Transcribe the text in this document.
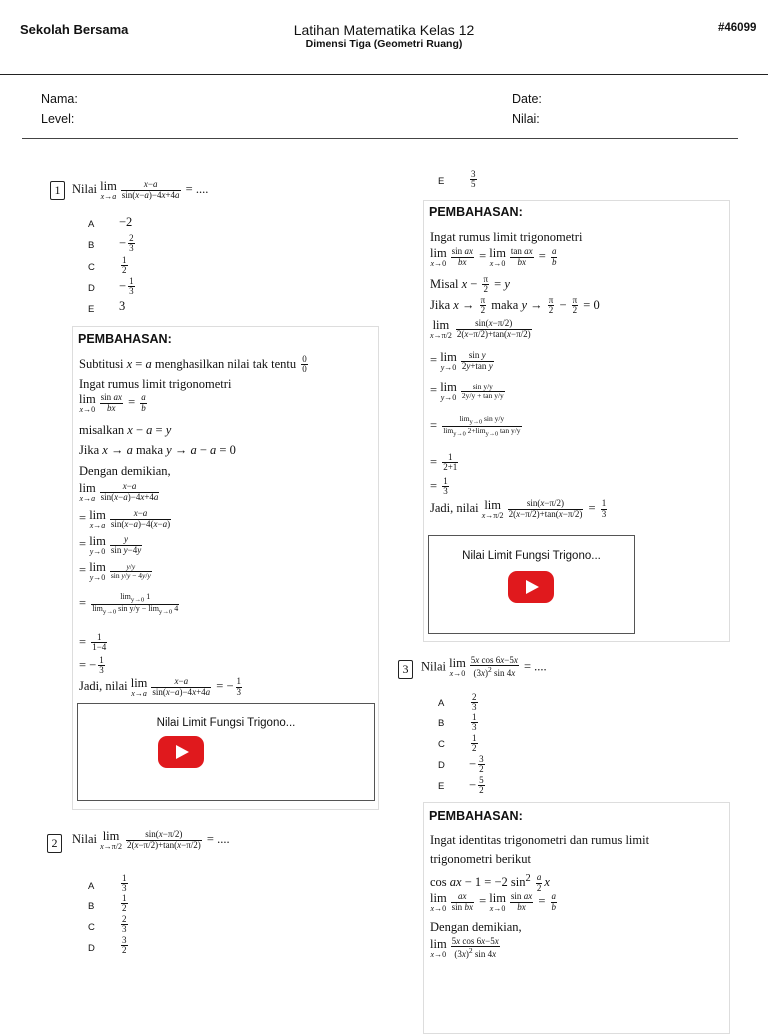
Sekolah Bersama	Latihan Matematika Kelas 12
Dimensi Tiga (Geometri Ruang)
#46099
Nama:
Level:
Date:
Nilai:
1 Nilai lim
$x\to a \frac{x-a}{\sin(x-a)-4x+4a}$ = ....
A −2
$B - \frac{2}{3}$
C	$\frac{1}{2}$
$D - \frac{1}{3}$
E 3
PEMBAHASAN:
Subtitusi x = a menghasilkan nilai tak tentu $\frac{0}{0}$
Ingat rumus limit trigonometri
lim
$x\to 0 \frac{\text{sin ax}}{bx} = \frac{a}{b}$
misalkan x − a = y
Jika x → a maka y → a − a = 0
Dengan demikian,
lim
$x\to a \frac{x-a}{\sin(x-a)-4x+4a}$
= lim
$x\to a \frac{x-a}{\sin(x-a)-4(x-a)}$
= lim
$y\to 0 \frac{y}{\text{sin y−4y}}$
= lim
$y\to 0 \frac{y/y}{\text{sin y/y − 4y/y}}$
= $\frac{\lim_{y\to 0} 1}{\lim_{y\to 0} \sin y/y - \lim_{y\to 0} 4}$
= $\frac{1}{1-4}$
= − $\frac{1}{3}$
Jadi, nilai lim
$x\to a \frac{x-a}{\sin(x-a)-4x+4a}$ = − $\frac{1}{3}$
Nilai Limit Fungsi Trigono...
2	Nilai lim
$x\to\pi/2 \frac{\sin(x-\pi/2)}{2(x-\pi/2)+\tan(x-\pi/2)}$ = ....
A	$\frac{1}{3}$
B	$\frac{1}{2}$
C	$\frac{2}{3}$
D	$\frac{3}{2}$
E	$\frac{3}{5}$
PEMBAHASAN:
Ingat rumus limit trigonometri
lim
$x\to 0 \frac{\text{sin ax}}{bx} = \lim$
$x\to 0 \frac{\text{tan ax}}{bx} = \frac{a}{b}$
Misal $x - \frac{\pi}{2} = y$
Jika $x \to \frac{\pi}{2}$ maka $y \to \frac{\pi}{2} - \frac{\pi}{2} = 0$
lim
$x\to\pi/2 \frac{\sin(x-\pi/2)}{2(x-\pi/2)+\tan(x-\pi/2)}$
= lim
$y\to 0 \frac{\text{sin y}}{\text{2y+tan y}}$
= lim
$y\to 0 \frac{\text{sin y/y}}{\text{2y/y + tan y/y}}$
= $\frac{\lim_{y\to 0} \sin y/y}{\lim_{y\to 0} 2+\lim_{y\to 0} \tan y/y}$
= $\frac{1}{2+1}$
= $\frac{1}{3}$
Jadi, nilai lim
$x\to\pi/2 \frac{\sin(x-\pi/2)}{2(x-\pi/2)+\tan(x-\pi/2)} = \frac{1}{3}$
Nilai Limit Fungsi Trigono...
3	Nilai lim
$x\to 0 \frac{\text{5x cos 6x−5x}}{(3x)^2 \sin 4x}$ = ....
A	$\frac{2}{3}$
B	$\frac{1}{3}$
C	$\frac{1}{2}$
$D - \frac{3}{2}$
$E - \frac{5}{2}$
PEMBAHASAN:
Ingat identitas trigonometri dan rumus limit
trigonometri berikut
cos ax − 1 = −2 $\sin^2 \frac{a}{2}$ x
lim
$x\to 0 \frac{ax}{\text{sin bx}} = \lim$
$x\to 0 \frac{\text{sin ax}}{bx} = \frac{a}{b}$
Dengan demikian,
lim
$x\to 0 \frac{\text{5x cos 6x−5x}}{(3x)^2 \sin 4x}$
